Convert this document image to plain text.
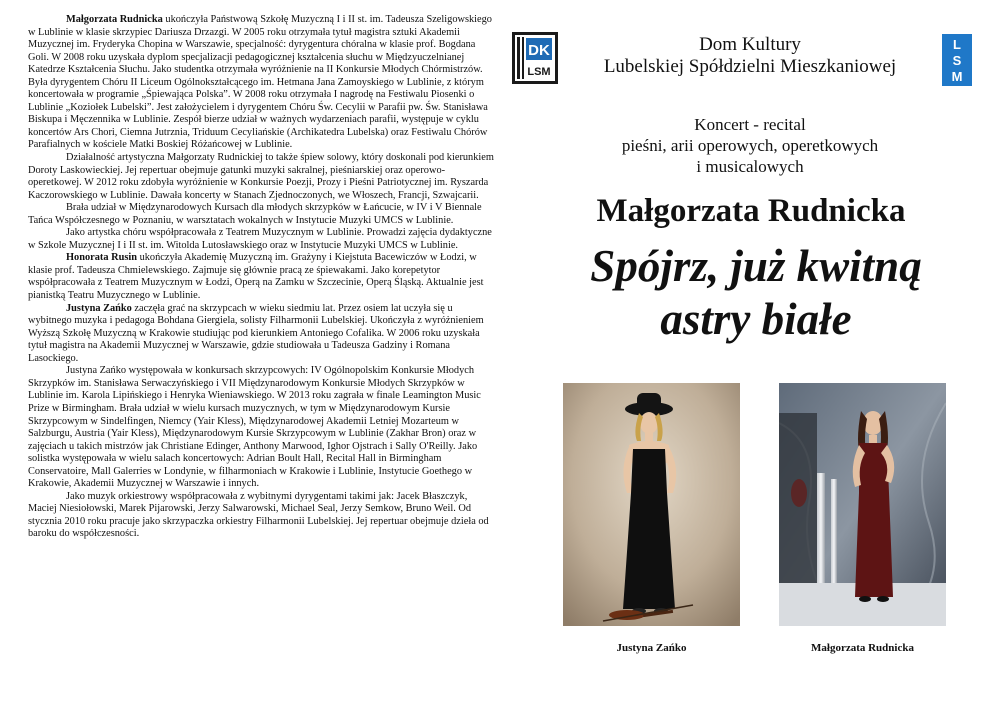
Małgorzata Rudnicka ukończyła Państwową Szkołę Muzyczną I i II st. im. Tadeusza Szeligowskiego w Lublinie w klasie skrzypiec Dariusza Drzazgi. W 2005 roku otrzymała tytuł magistra sztuki Akademii Muzycznej im. Fryderyka Chopina w Warszawie, specjalność: dyrygentura chóralna w klasie prof. Bogdana Goli. W 2008 roku uzyskała dyplom specjalizacji pedagogicznej kształcenia słuchu w Międzyuczelnianej Katedrze Kształcenia Słuchu. Jako studentka otrzymała wyróżnienie na II Konkursie Młodych Chórmistrzów. Była dyrygentem Chóru II Liceum Ogólnokształcącego im. Hetmana Jana Zamoyskiego w Lublinie, z którym koncertowała w programie „Śpiewająca Polska”. W 2008 roku otrzymała I nagrodę na Festiwalu Piosenki o Lublinie „Koziołek Lubelski”. Jest założycielem i dyrygentem Chóru Św. Cecylii w Parafii pw. Św. Stanisława Biskupa i Męczennika w Lublinie. Zespół bierze udział w ważnych wydarzeniach parafii, występuje w cyklu koncertów Ars Chori, Ciemna Jutrznia, Triduum Cecyliańskie (Archikatedra Lubelska) oraz Festiwalu Chórów Parafialnych w kościele Matki Boskiej Różańcowej w Lublinie.

Działalność artystyczna Małgorzaty Rudnickiej to także śpiew solowy, który doskonali pod kierunkiem Doroty Laskowieckiej. Jej repertuar obejmuje gatunki muzyki sakralnej, pieśniarskiej oraz operowo-operetkowej. W 2012 roku zdobyła wyróżnienie w Konkursie Poezji, Prozy i Pieśni Patriotycznej im. Ryszarda Kaczorowskiego w Lublinie. Dawała koncerty w Stanach Zjednoczonych, we Włoszech, Francji, Szwajcarii.

Brała udział w Międzynarodowych Kursach dla młodych skrzypków w Łańcucie, w IV i V Biennale Tańca Współczesnego w Poznaniu, w warsztatach wokalnych w Instytucie Muzyki UMCS w Lublinie.

Jako artystka chóru współpracowała z Teatrem Muzycznym w Lublinie. Prowadzi zajęcia dydaktyczne w Szkole Muzycznej I i II st. im. Witolda Lutosławskiego oraz w Instytucie Muzyki UMCS w Lublinie.

Honorata Rusin ukończyła Akademię Muzyczną im. Grażyny i Kiejstuta Bacewiczów w Łodzi, w klasie prof. Tadeusza Chmielewskiego. Zajmuje się głównie pracą ze śpiewakami. Jako korepetytor współpracowała z Teatrem Muzycznym w Łodzi, Operą na Zamku w Szczecinie, Operą Śląską. Aktualnie jest pianistką Teatru Muzycznego w Lublinie.

Justyna Zańko zaczęła grać na skrzypcach w wieku siedmiu lat. Przez osiem lat uczyła się u wybitnego muzyka i pedagoga Bohdana Giergiela, solisty Filharmonii Lubelskiej. Ukończyła z wyróżnieniem Wyższą Szkołę Muzyczną w Krakowie studiując pod kierunkiem Antoniego Cofalika. W 2006 roku uzyskała tytuł magistra na Akademii Muzycznej w Warszawie, gdzie studiowała u Tadeusza Gadziny i Romana Lasockiego.

Justyna Zańko występowała w konkursach skrzypcowych: IV Ogólnopolskim Konkursie Młodych Skrzypków im. Stanisława Serwaczyńskiego i VII Międzynarodowym Konkursie Młodych Skrzypków w Lublinie im. Karola Lipińskiego i Henryka Wieniawskiego. W 2013 roku zagrała w finale Leamington Music Prize w Birmingham. Brała udział w wielu kursach muzycznych, w tym w Międzynarodowym Kursie Skrzypcowym w Sindelfingen, Niemcy (Yair Kless), Międzynarodowej Akademii Letniej Mozarteum w Salzburgu, Austria (Yair Kless), Międzynarodowym Kursie Skrzypcowym w Lublinie (Zakhar Bron) oraz w zajęciach u takich mistrzów jak Christiane Edinger, Anthony Marwood, Ighor Ojstrach i Sally O'Reilly. Jako solistka występowała w wielu salach koncertowych: Adrian Boult Hall, Recital Hall in Birmingham Conservatoire, Mall Galerries w Londynie, w filharmoniach w Krakowie i Lublinie, Instytucie Goethego w Krakowie, Akademii Muzycznej w Warszawie i innych.

Jako muzyk orkiestrowy współpracowała z wybitnymi dyrygentami takimi jak: Jacek Błaszczyk, Maciej Niesiołowski, Marek Pijarowski, Jerzy Salwarowski, Michael Seal, Jerzy Semkow, Bruno Weil. Od stycznia 2010 roku pracuje jako skrzypaczka orkiestry Filharmonii Lubelskiej. Jej repertuar obejmuje dzieła od baroku do współczesności.

DK
LSM
Dom Kultury
Lubelskiej Spółdzielni Mieszkaniowej
L
S
M
Koncert - recital
pieśni, arii operowych, operetkowych
i musicalowych
Małgorzata Rudnicka
Spójrz, już kwitną
astry białe
Justyna Zańko	Małgorzata Rudnicka
